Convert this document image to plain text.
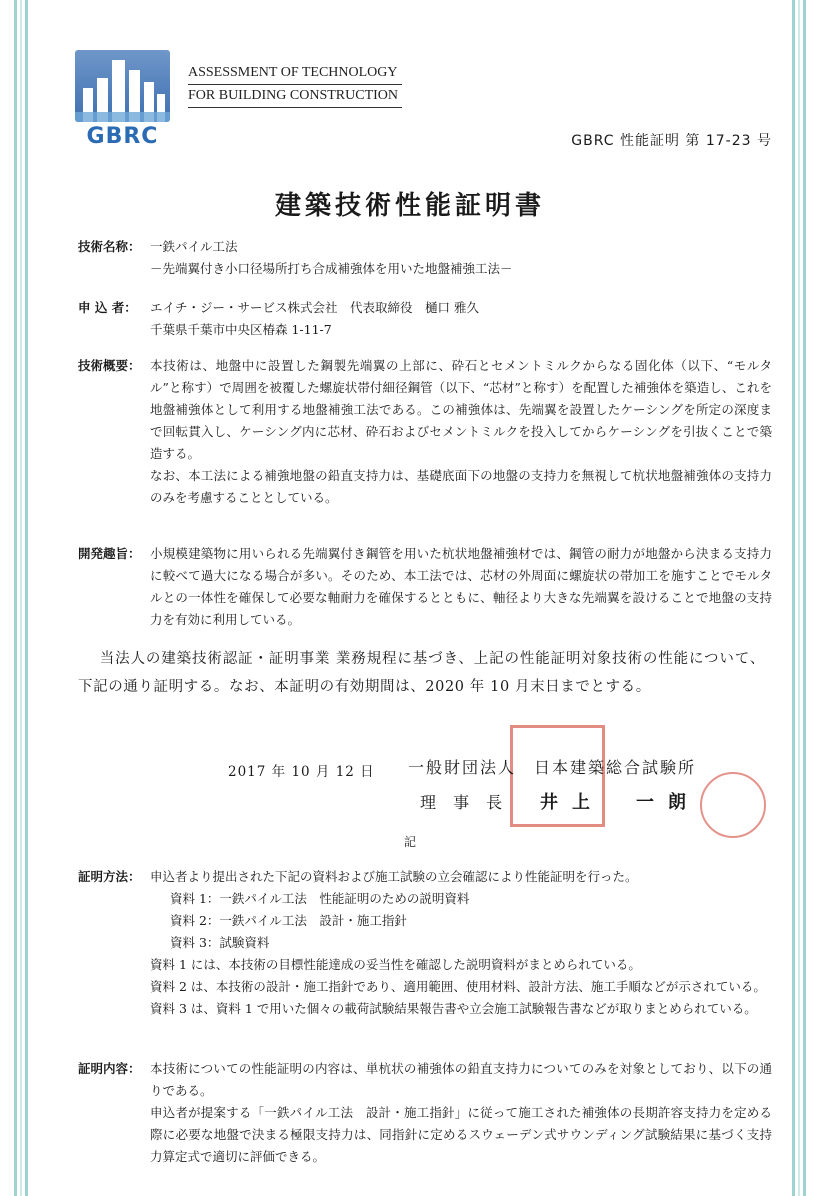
GBRC
ASSESSMENT OF TECHNOLOGY
FOR BUILDING CONSTRUCTION
GBRC 性能証明 第 17-23 号
建築技術性能証明書
技術名称： 一鉄パイル工法

－先端翼付き小口径場所打ち合成補強体を用いた地盤補強工法－

申 込 者：	エイチ・ジー・サービス株式会社　代表取締役　樋口 雅久

千葉県千葉市中央区椿森 1-11-7

技術概要： 本技術は、地盤中に設置した鋼製先端翼の上部に、砕石とセメントミルクからなる固化体（以下、“モルタル”と称す）で周囲を被覆した螺旋状帯付細径鋼管（以下、“芯材”と称す）を配置した補強体を築造し、これを地盤補強体として利用する地盤補強工法である。この補強体は、先端翼を設置したケーシングを所定の深度まで回転貫入し、ケーシング内に芯材、砕石およびセメントミルクを投入してからケーシングを引抜くことで築造する。

なお、本工法による補強地盤の鉛直支持力は、基礎底面下の地盤の支持力を無視して杭状地盤補強体の支持力のみを考慮することとしている。

開発趣旨： 小規模建築物に用いられる先端翼付き鋼管を用いた杭状地盤補強材では、鋼管の耐力が地盤から決まる支持力に較べて過大になる場合が多い。そのため、本工法では、芯材の外周面に螺旋状の帯加工を施すことでモルタルとの一体性を確保して必要な軸耐力を確保するとともに、軸径より大きな先端翼を設けることで地盤の支持力を有効に利用している。

当法人の建築技術認証・証明事業 業務規程に基づき、上記の性能証明対象技術の性能について、下記の通り証明する。なお、本証明の有効期間は、2020 年 10 月末日までとする。
2017 年 10 月 12 日 一般財団法人　日本建築総合試験所
理 事 長 井上　一朗
記
証明方法： 申込者より提出された下記の資料および施工試験の立会確認により性能証明を行った。

資料 1：一鉄パイル工法　性能証明のための説明資料

資料 2：一鉄パイル工法　設計・施工指針

資料 3：試験資料

資料 1 には、本技術の目標性能達成の妥当性を確認した説明資料がまとめられている。

資料 2 は、本技術の設計・施工指針であり、適用範囲、使用材料、設計方法、施工手順などが示されている。

資料 3 は、資料 1 で用いた個々の載荷試験結果報告書や立会施工試験報告書などが取りまとめられている。

証明内容： 本技術についての性能証明の内容は、単杭状の補強体の鉛直支持力についてのみを対象としており、以下の通りである。

申込者が提案する「一鉄パイル工法　設計・施工指針」に従って施工された補強体の長期許容支持力を定める際に必要な地盤で決まる極限支持力は、同指針に定めるスウェーデン式サウンディング試験結果に基づく支持力算定式で適切に評価できる。
